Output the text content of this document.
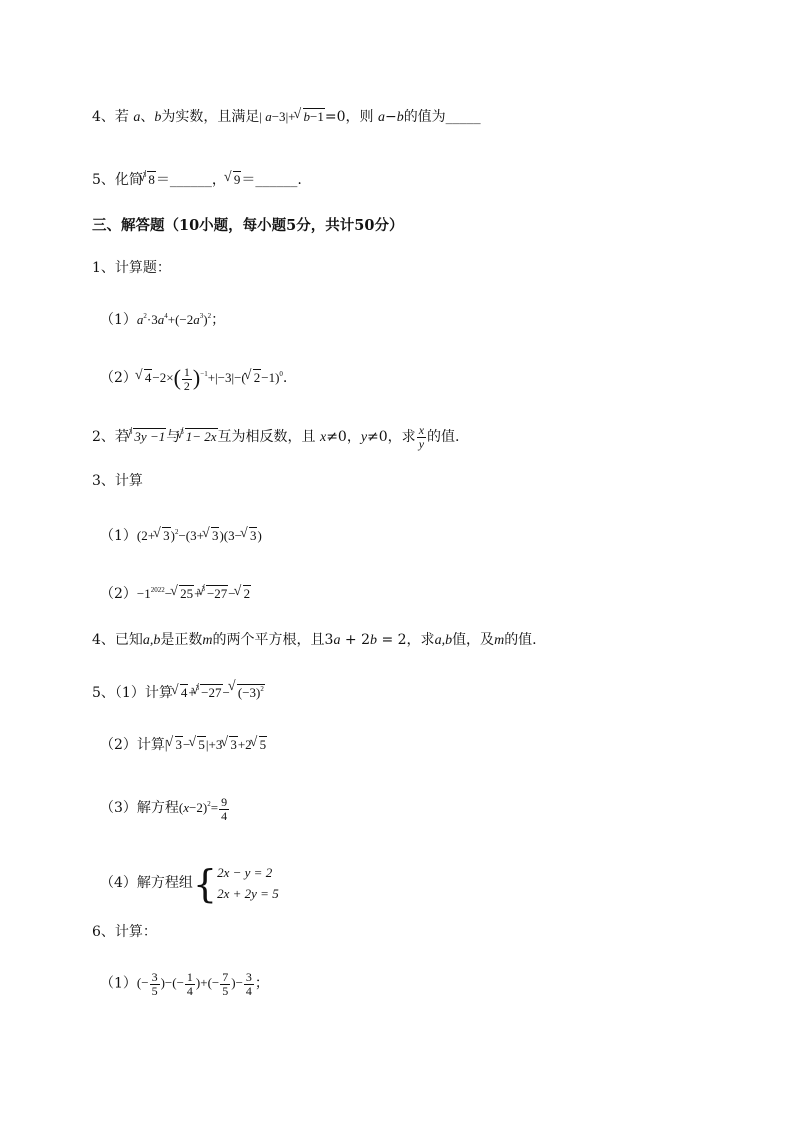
4、若 a、b为实数，且满足| a−3|+√ b−1=0，则 a−b的值为_____
5、化简$^3$√ 8＝______，√ 9＝______.
三、解答题（10小题，每小题5分，共计50分）
1、计算题：
$(1)a^2\cdot 3a^4+(-2a^3)^2$；
（2）√ $4-2\times( \frac{1}{2} )^{-1}+|-3|-(√$ 2−1)$^0$.
2、若$^3$√ 3y −1与$^3$√ 1− 2x互为相反数，且 x≠0，y≠0，求 $\frac{x}{y}$ 的值.
3、计算
（1）(2+√ 3)$^2$−(3+√ 3)(3−√ 3)
$(2)-1^{2022}-√$ 25+$^3$√ −27−√ 2
4、已知a,b是正数m的两个平方根，且3a + 2b = 2，求a,b值，及m的值.
5、（1）计算√ 4+$^3$√ −27−√ $(-3)^2$
（2）计算|√ 3−√ 5|+3√ 3+2√ 5
（3）解方程$(x-2)^2= \frac{9}{4}$
（4）解方程组{ 2x − y = 2
2x + 2y = 5
6、计算：
$(1)(- \frac{3}{5}$ )−(− $\frac{1}{4}$ )+(− $\frac{7}{5}$ )− $\frac{3}{4}$ ；
